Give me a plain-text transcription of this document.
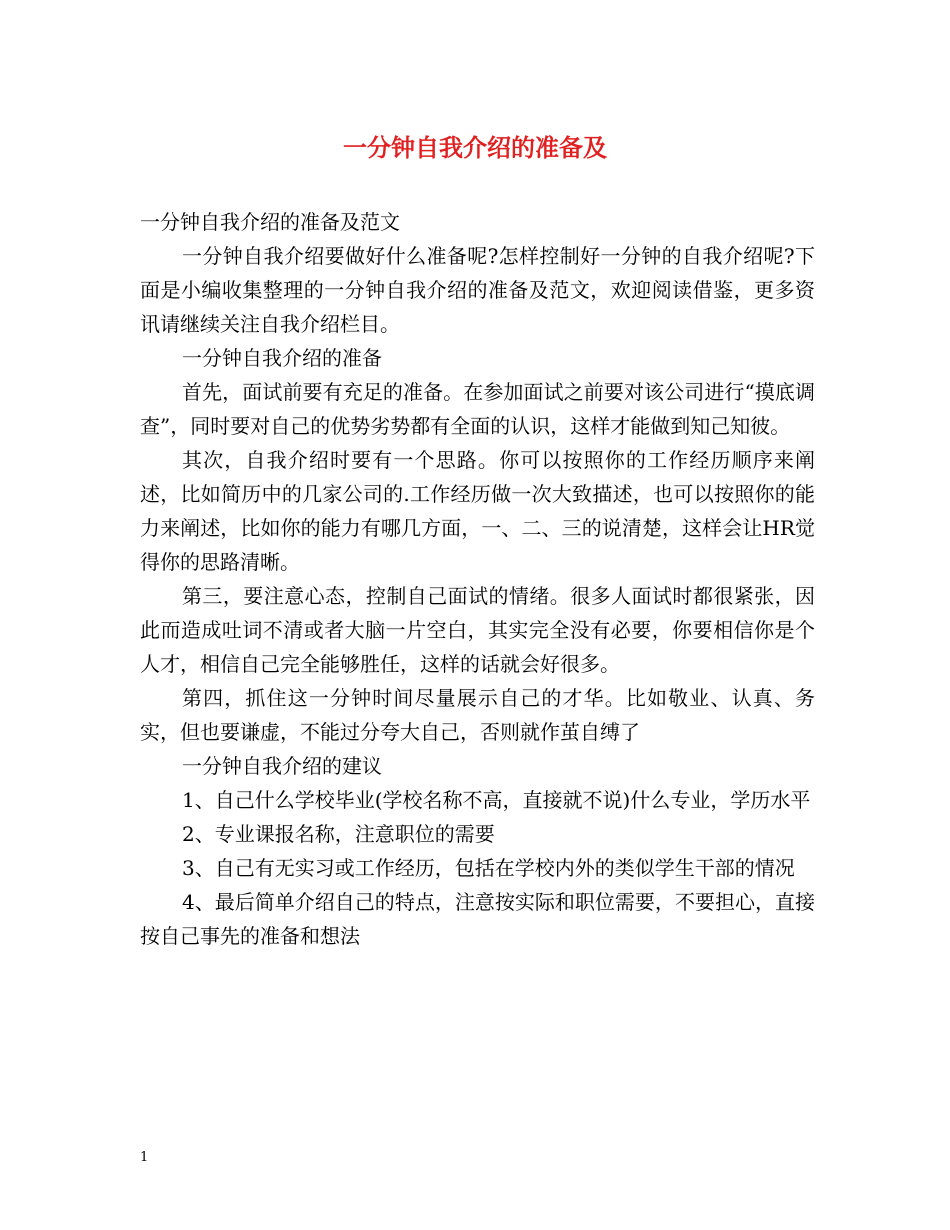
一分钟自我介绍的准备及

一分钟自我介绍的准备及范文

一分钟自我介绍要做好什么准备呢?怎样控制好一分钟的自我介绍呢?下面是小编收集整理的一分钟自我介绍的准备及范文，欢迎阅读借鉴，更多资讯请继续关注自我介绍栏目。

一分钟自我介绍的准备

首先，面试前要有充足的准备。在参加面试之前要对该公司进行“摸底调查”，同时要对自己的优势劣势都有全面的认识，这样才能做到知己知彼。

其次，自我介绍时要有一个思路。你可以按照你的工作经历顺序来阐述，比如简历中的几家公司的.工作经历做一次大致描述，也可以按照你的能力来阐述，比如你的能力有哪几方面，一、二、三的说清楚，这样会让HR觉得你的思路清晰。

第三，要注意心态，控制自己面试的情绪。很多人面试时都很紧张，因此而造成吐词不清或者大脑一片空白，其实完全没有必要，你要相信你是个人才，相信自己完全能够胜任，这样的话就会好很多。

第四，抓住这一分钟时间尽量展示自己的才华。比如敬业、认真、务实，但也要谦虚，不能过分夸大自己，否则就作茧自缚了

一分钟自我介绍的建议

1、自己什么学校毕业(学校名称不高，直接就不说)什么专业，学历水平

2、专业课报名称，注意职位的需要

3、自己有无实习或工作经历，包括在学校内外的类似学生干部的情况

4、最后简单介绍自己的特点，注意按实际和职位需要，不要担心，直接按自己事先的准备和想法

1
